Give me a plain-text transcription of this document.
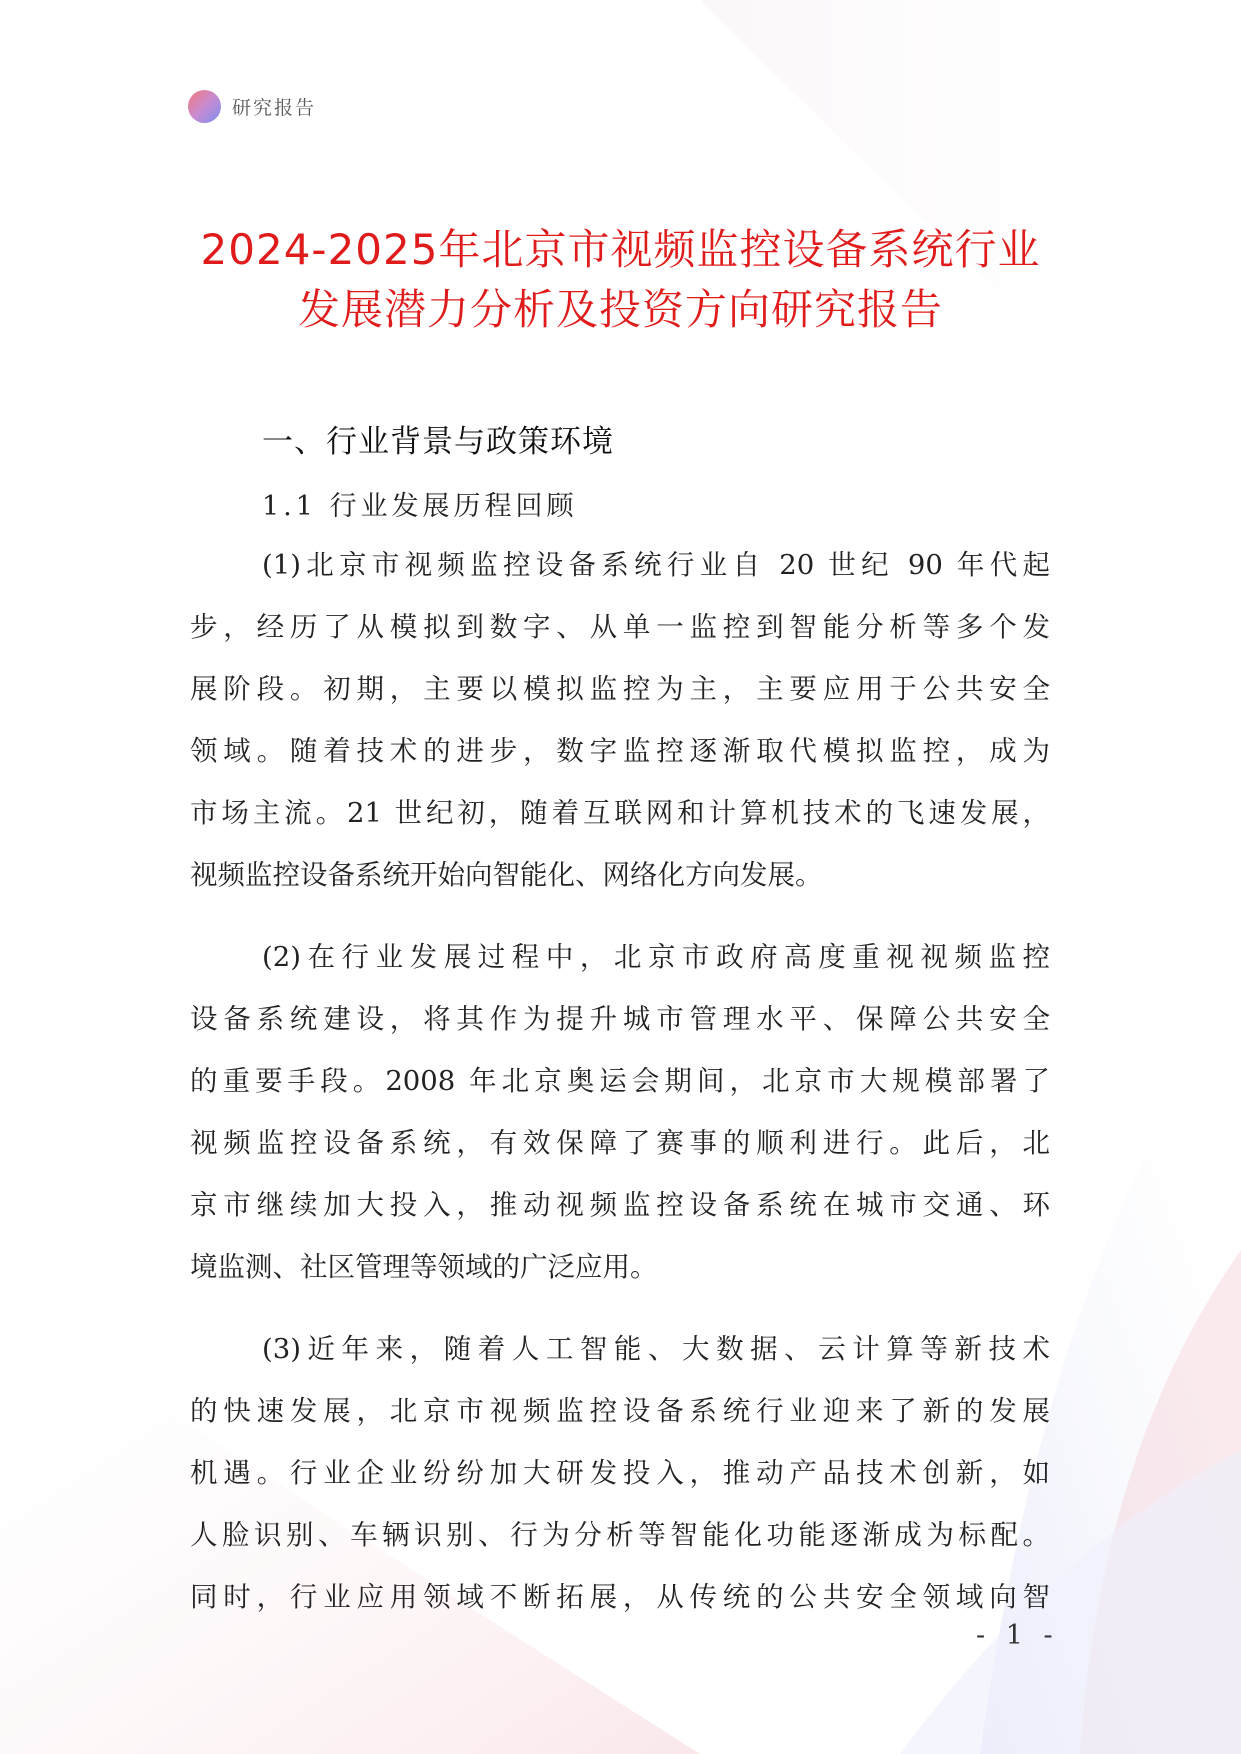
研究报告
2024-2025年北京市视频监控设备系统行业
发展潜力分析及投资方向研究报告
一、行业背景与政策环境
1.1 行业发展历程回顾
(1)北京市视频监控设备系统行业自 20 世纪 90 年代起
步，经历了从模拟到数字、从单一监控到智能分析等多个发
展阶段。初期，主要以模拟监控为主，主要应用于公共安全
领域。随着技术的进步，数字监控逐渐取代模拟监控，成为
市场主流。21 世纪初，随着互联网和计算机技术的飞速发展，
视频监控设备系统开始向智能化、网络化方向发展。
(2)在行业发展过程中，北京市政府高度重视视频监控
设备系统建设，将其作为提升城市管理水平、保障公共安全
的重要手段。2008 年北京奥运会期间，北京市大规模部署了
视频监控设备系统，有效保障了赛事的顺利进行。此后，北
京市继续加大投入，推动视频监控设备系统在城市交通、环
境监测、社区管理等领域的广泛应用。
(3)近年来，随着人工智能、大数据、云计算等新技术
的快速发展，北京市视频监控设备系统行业迎来了新的发展
机遇。行业企业纷纷加大研发投入，推动产品技术创新，如
人脸识别、车辆识别、行为分析等智能化功能逐渐成为标配。
同时，行业应用领域不断拓展，从传统的公共安全领域向智
- 1 -
